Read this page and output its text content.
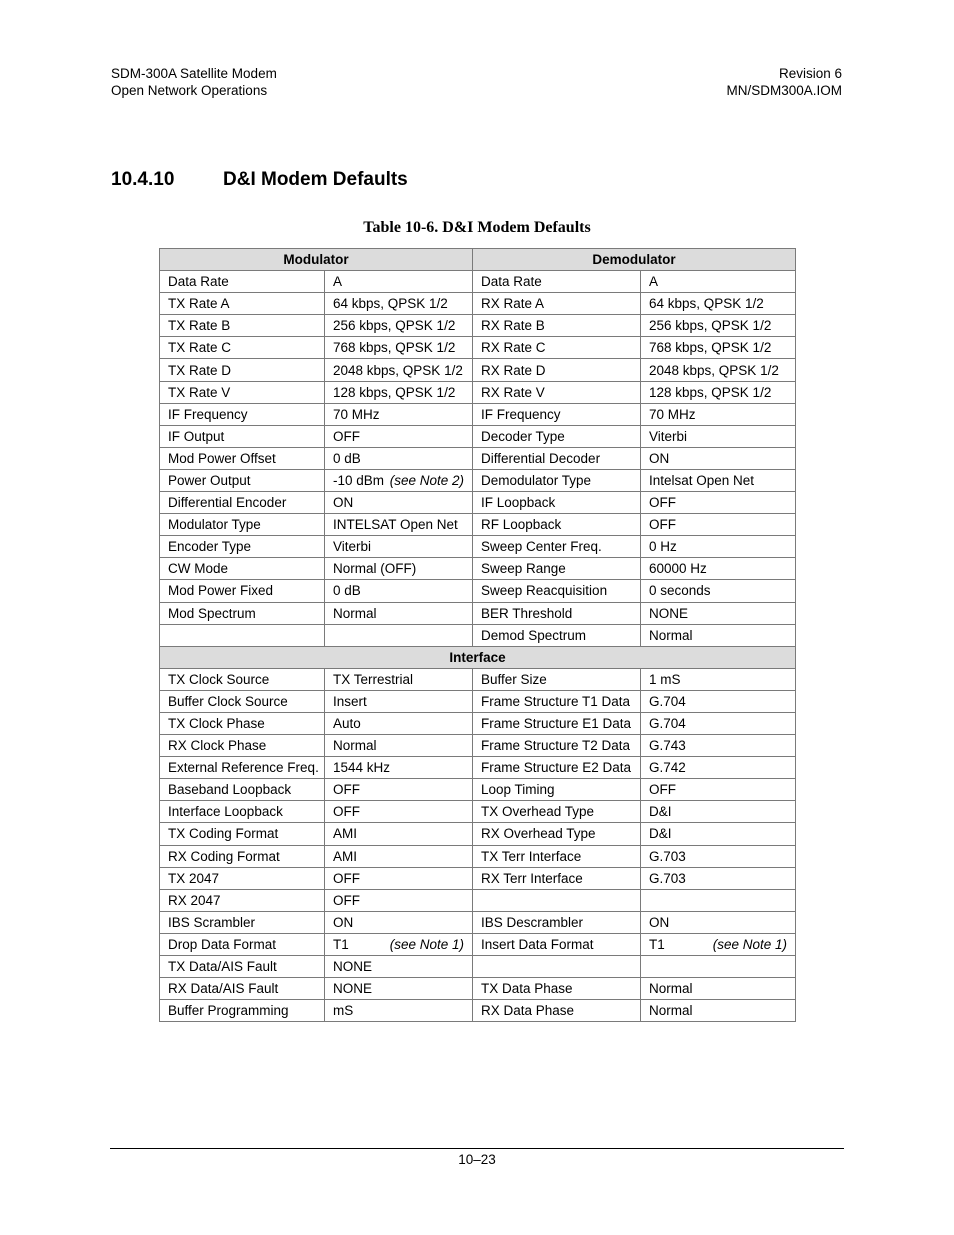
SDM-300A Satellite Modem
Open Network Operations
Revision 6
MN/SDM300A.IOM
10.4.10	D&I Modem Defaults
Table 10-6. D&I Modem Defaults
Modulator		Demodulator	
Data Rate	A	Data Rate	A
TX Rate A	64 kbps, QPSK 1/2	RX Rate A	64 kbps, QPSK 1/2
TX Rate B	256 kbps, QPSK 1/2	RX Rate B	256 kbps, QPSK 1/2
TX Rate C	768 kbps, QPSK 1/2	RX Rate C	768 kbps, QPSK 1/2
TX Rate D	2048 kbps, QPSK 1/2	RX Rate D	2048 kbps, QPSK 1/2
TX Rate V	128 kbps, QPSK 1/2	RX Rate V	128 kbps, QPSK 1/2
IF Frequency	70 MHz	IF Frequency	70 MHz
IF Output	OFF	Decoder Type	Viterbi
Mod Power Offset	0 dB	Differential Decoder	ON
Power Output	-10 dBm (see Note 2)	Demodulator Type	Intelsat Open Net
Differential Encoder	ON	IF Loopback	OFF
Modulator Type	INTELSAT Open Net	RF Loopback	OFF
Encoder Type	Viterbi	Sweep Center Freq.	0 Hz
CW Mode	Normal (OFF)	Sweep Range	60000 Hz
Mod Power Fixed	0 dB	Sweep Reacquisition	0 seconds
Mod Spectrum	Normal	BER Threshold	NONE
		Demod Spectrum	Normal
Interface			
TX Clock Source	TX Terrestrial	Buffer Size	1 mS
Buffer Clock Source	Insert	Frame Structure T1 Data	G.704
TX Clock Phase	Auto	Frame Structure E1 Data	G.704
RX Clock Phase	Normal	Frame Structure T2 Data	G.743
External Reference Freq.	1544 kHz	Frame Structure E2 Data	G.742
Baseband Loopback	OFF	Loop Timing	OFF
Interface Loopback	OFF	TX Overhead Type	D&I
TX Coding Format	AMI	RX Overhead Type	D&I
RX Coding Format	AMI	TX Terr Interface	G.703
TX 2047	OFF	RX Terr Interface	G.703
RX 2047	OFF		
IBS Scrambler	ON	IBS Descrambler	ON
Drop Data Format	T1 (see Note 1)	Insert Data Format	T1 (see Note 1)

TX Data/AIS Fault	NONE		
RX Data/AIS Fault	NONE	TX Data Phase	Normal
Buffer Programming	mS	RX Data Phase	Normal
10–23
